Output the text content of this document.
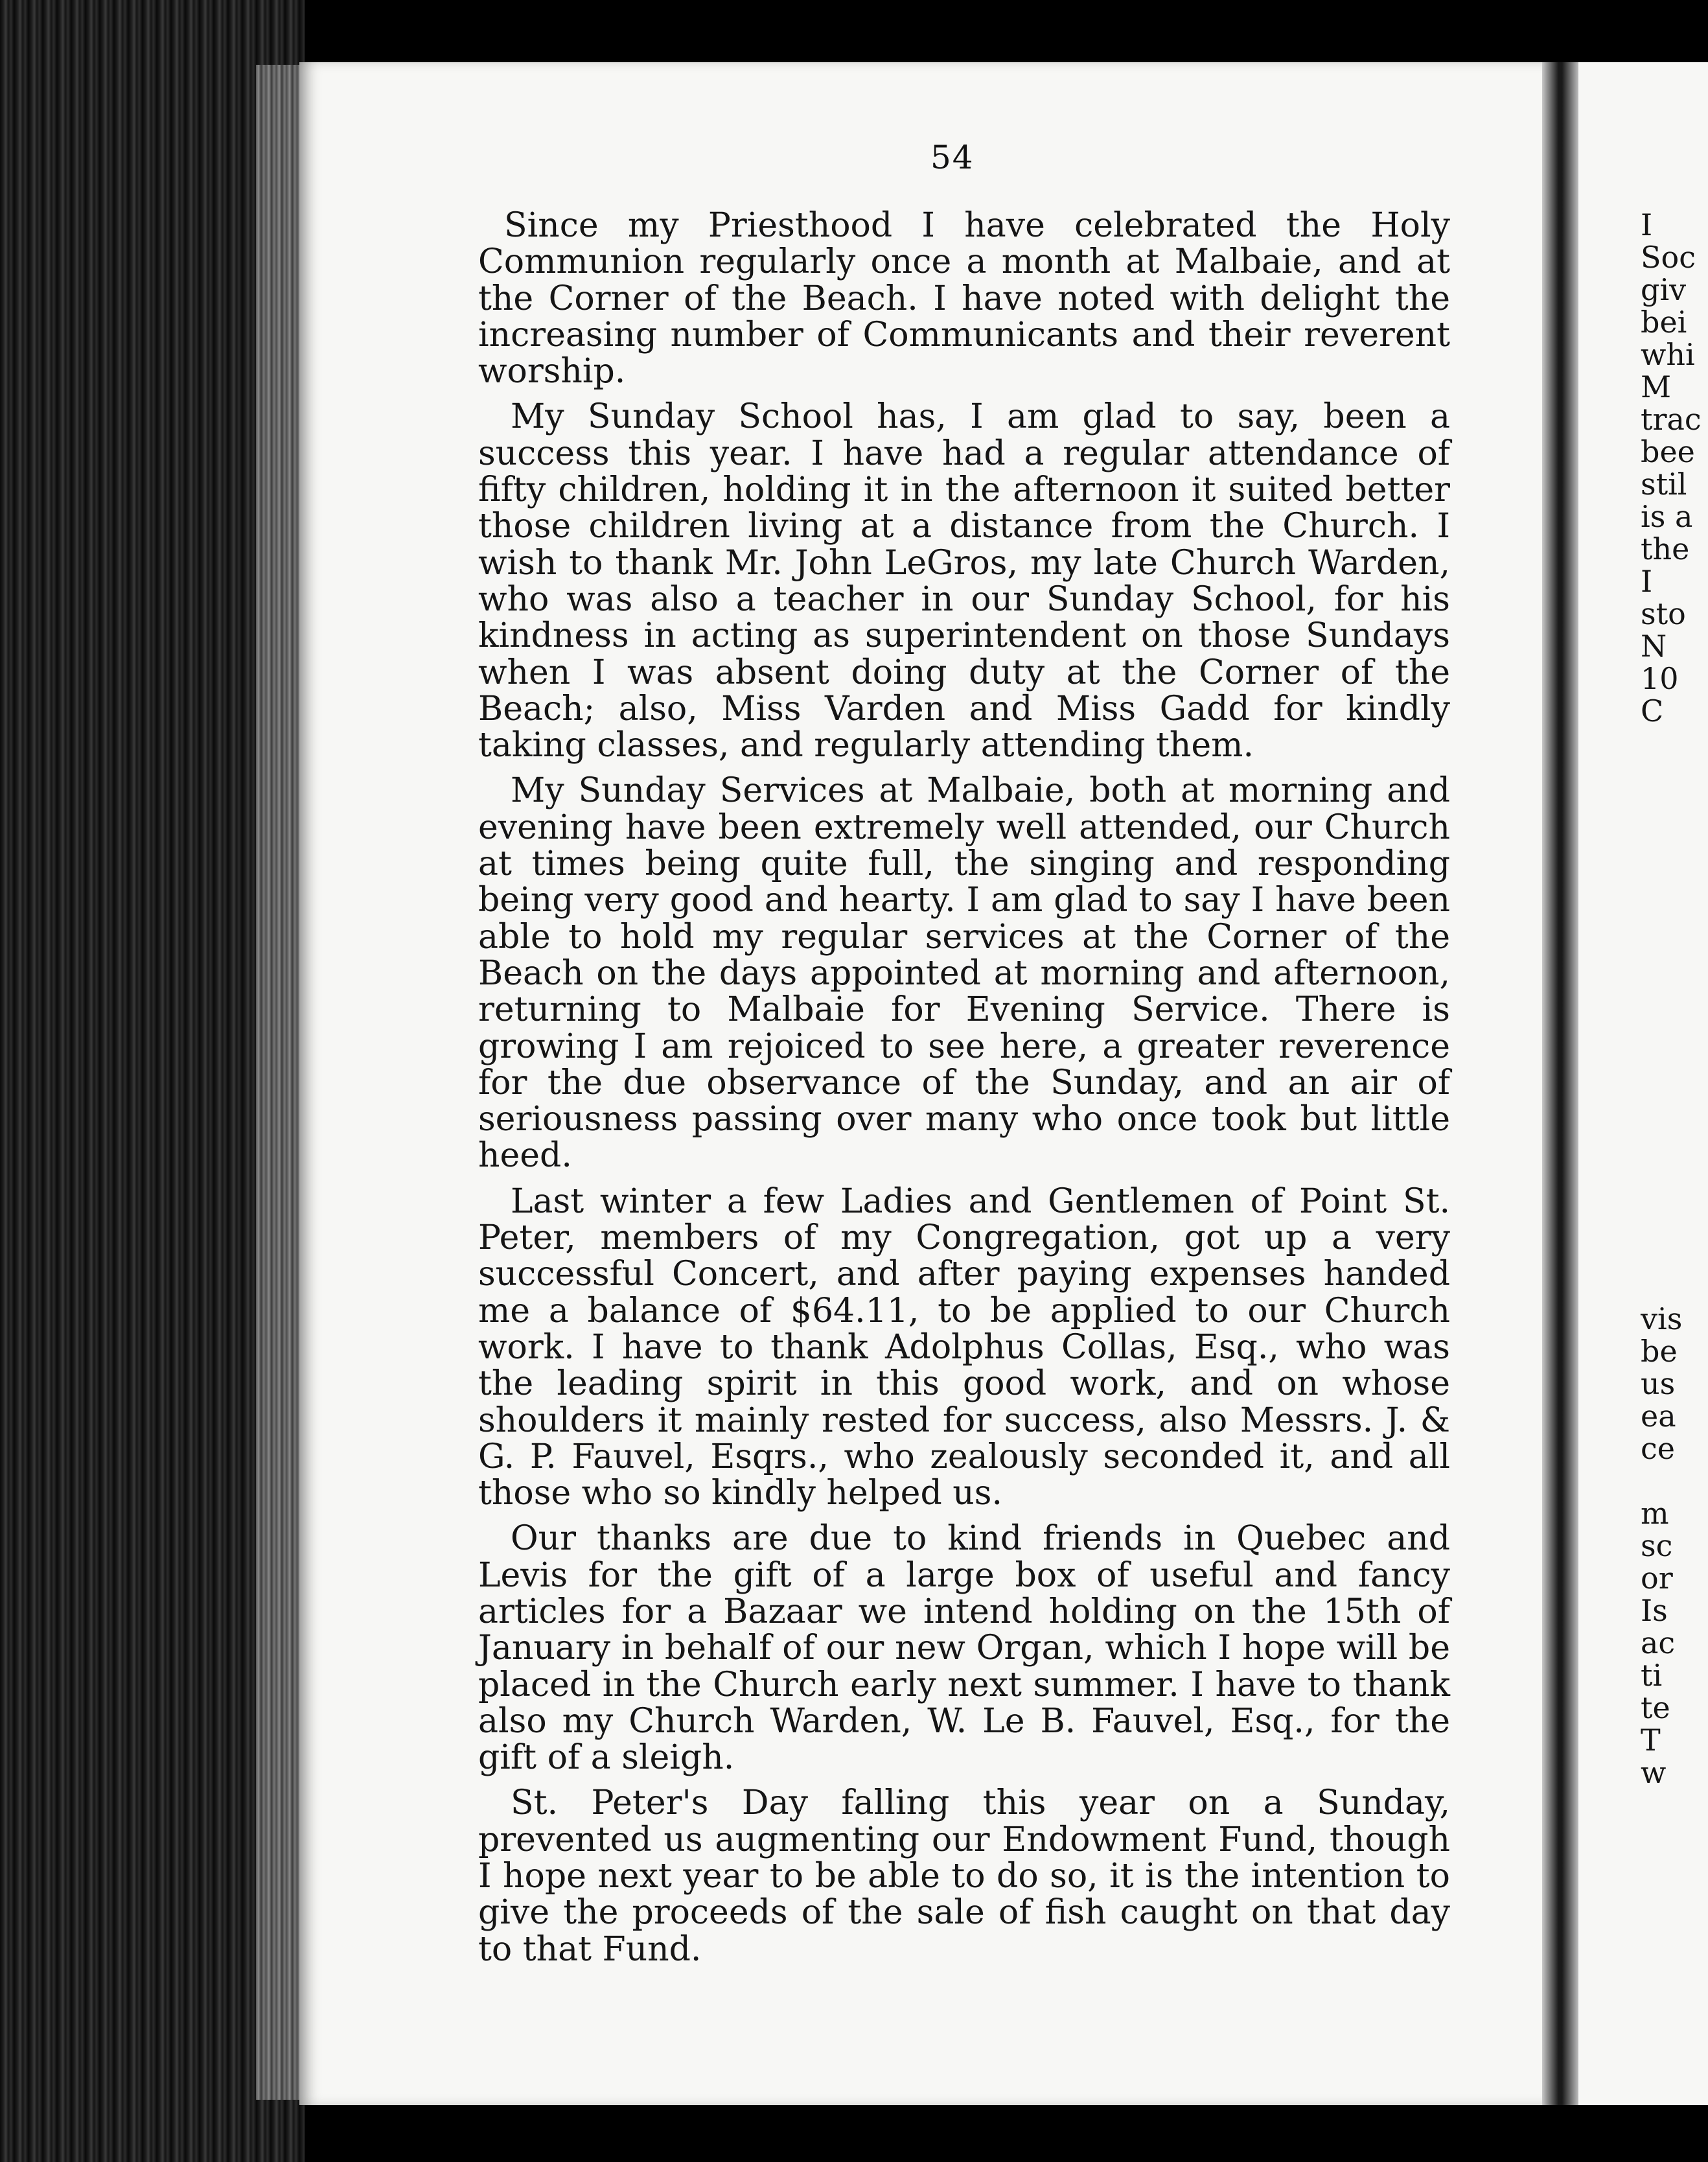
54

Since my Priesthood I have celebrated the Holy Communion regularly once a month at Malbaie, and at the Corner of the Beach. I have noted with delight the increasing number of Communicants and their reverent worship.

My Sunday School has, I am glad to say, been a success this year. I have had a regular attendance of fifty children, holding it in the afternoon it suited better those children living at a distance from the Church. I wish to thank Mr. John LeGros, my late Church Warden, who was also a teacher in our Sunday School, for his kindness in acting as superintendent on those Sundays when I was absent doing duty at the Corner of the Beach; also, Miss Varden and Miss Gadd for kindly taking classes, and regularly attending them.

My Sunday Services at Malbaie, both at morning and evening have been extremely well attended, our Church at times being quite full, the singing and responding being very good and hearty. I am glad to say I have been able to hold my regular services at the Corner of the Beach on the days appointed at morning and afternoon, returning to Malbaie for Evening Service. There is growing I am rejoiced to see here, a greater reverence for the due observance of the Sunday, and an air of seriousness passing over many who once took but little heed.

Last winter a few Ladies and Gentlemen of Point St. Peter, members of my Congregation, got up a very successful Concert, and after paying expenses handed me a balance of $64.11, to be applied to our Church work. I have to thank Adolphus Collas, Esq., who was the leading spirit in this good work, and on whose shoulders it mainly rested for success, also Messrs. J. & G. P. Fauvel, Esqrs., who zealously seconded it, and all those who so kindly helped us.

Our thanks are due to kind friends in Quebec and Levis for the gift of a large box of useful and fancy articles for a Bazaar we intend holding on the 15th of January in behalf of our new Organ, which I hope will be placed in the Church early next summer. I have to thank also my Church Warden, W. Le B. Fauvel, Esq., for the gift of a sleigh.

St. Peter's Day falling this year on a Sunday, prevented us augmenting our Endowment Fund, though I hope next year to be able to do so, it is the intention to give the proceeds of the sale of fish caught on that day to that Fund.

I
Soc
giv
bei
whi
M
trac
bee
stil
is a
the
I
sto
N
10
C
vis
be
us
ea
ce
m
sc
or
Is
ac
ti
te
T
w
